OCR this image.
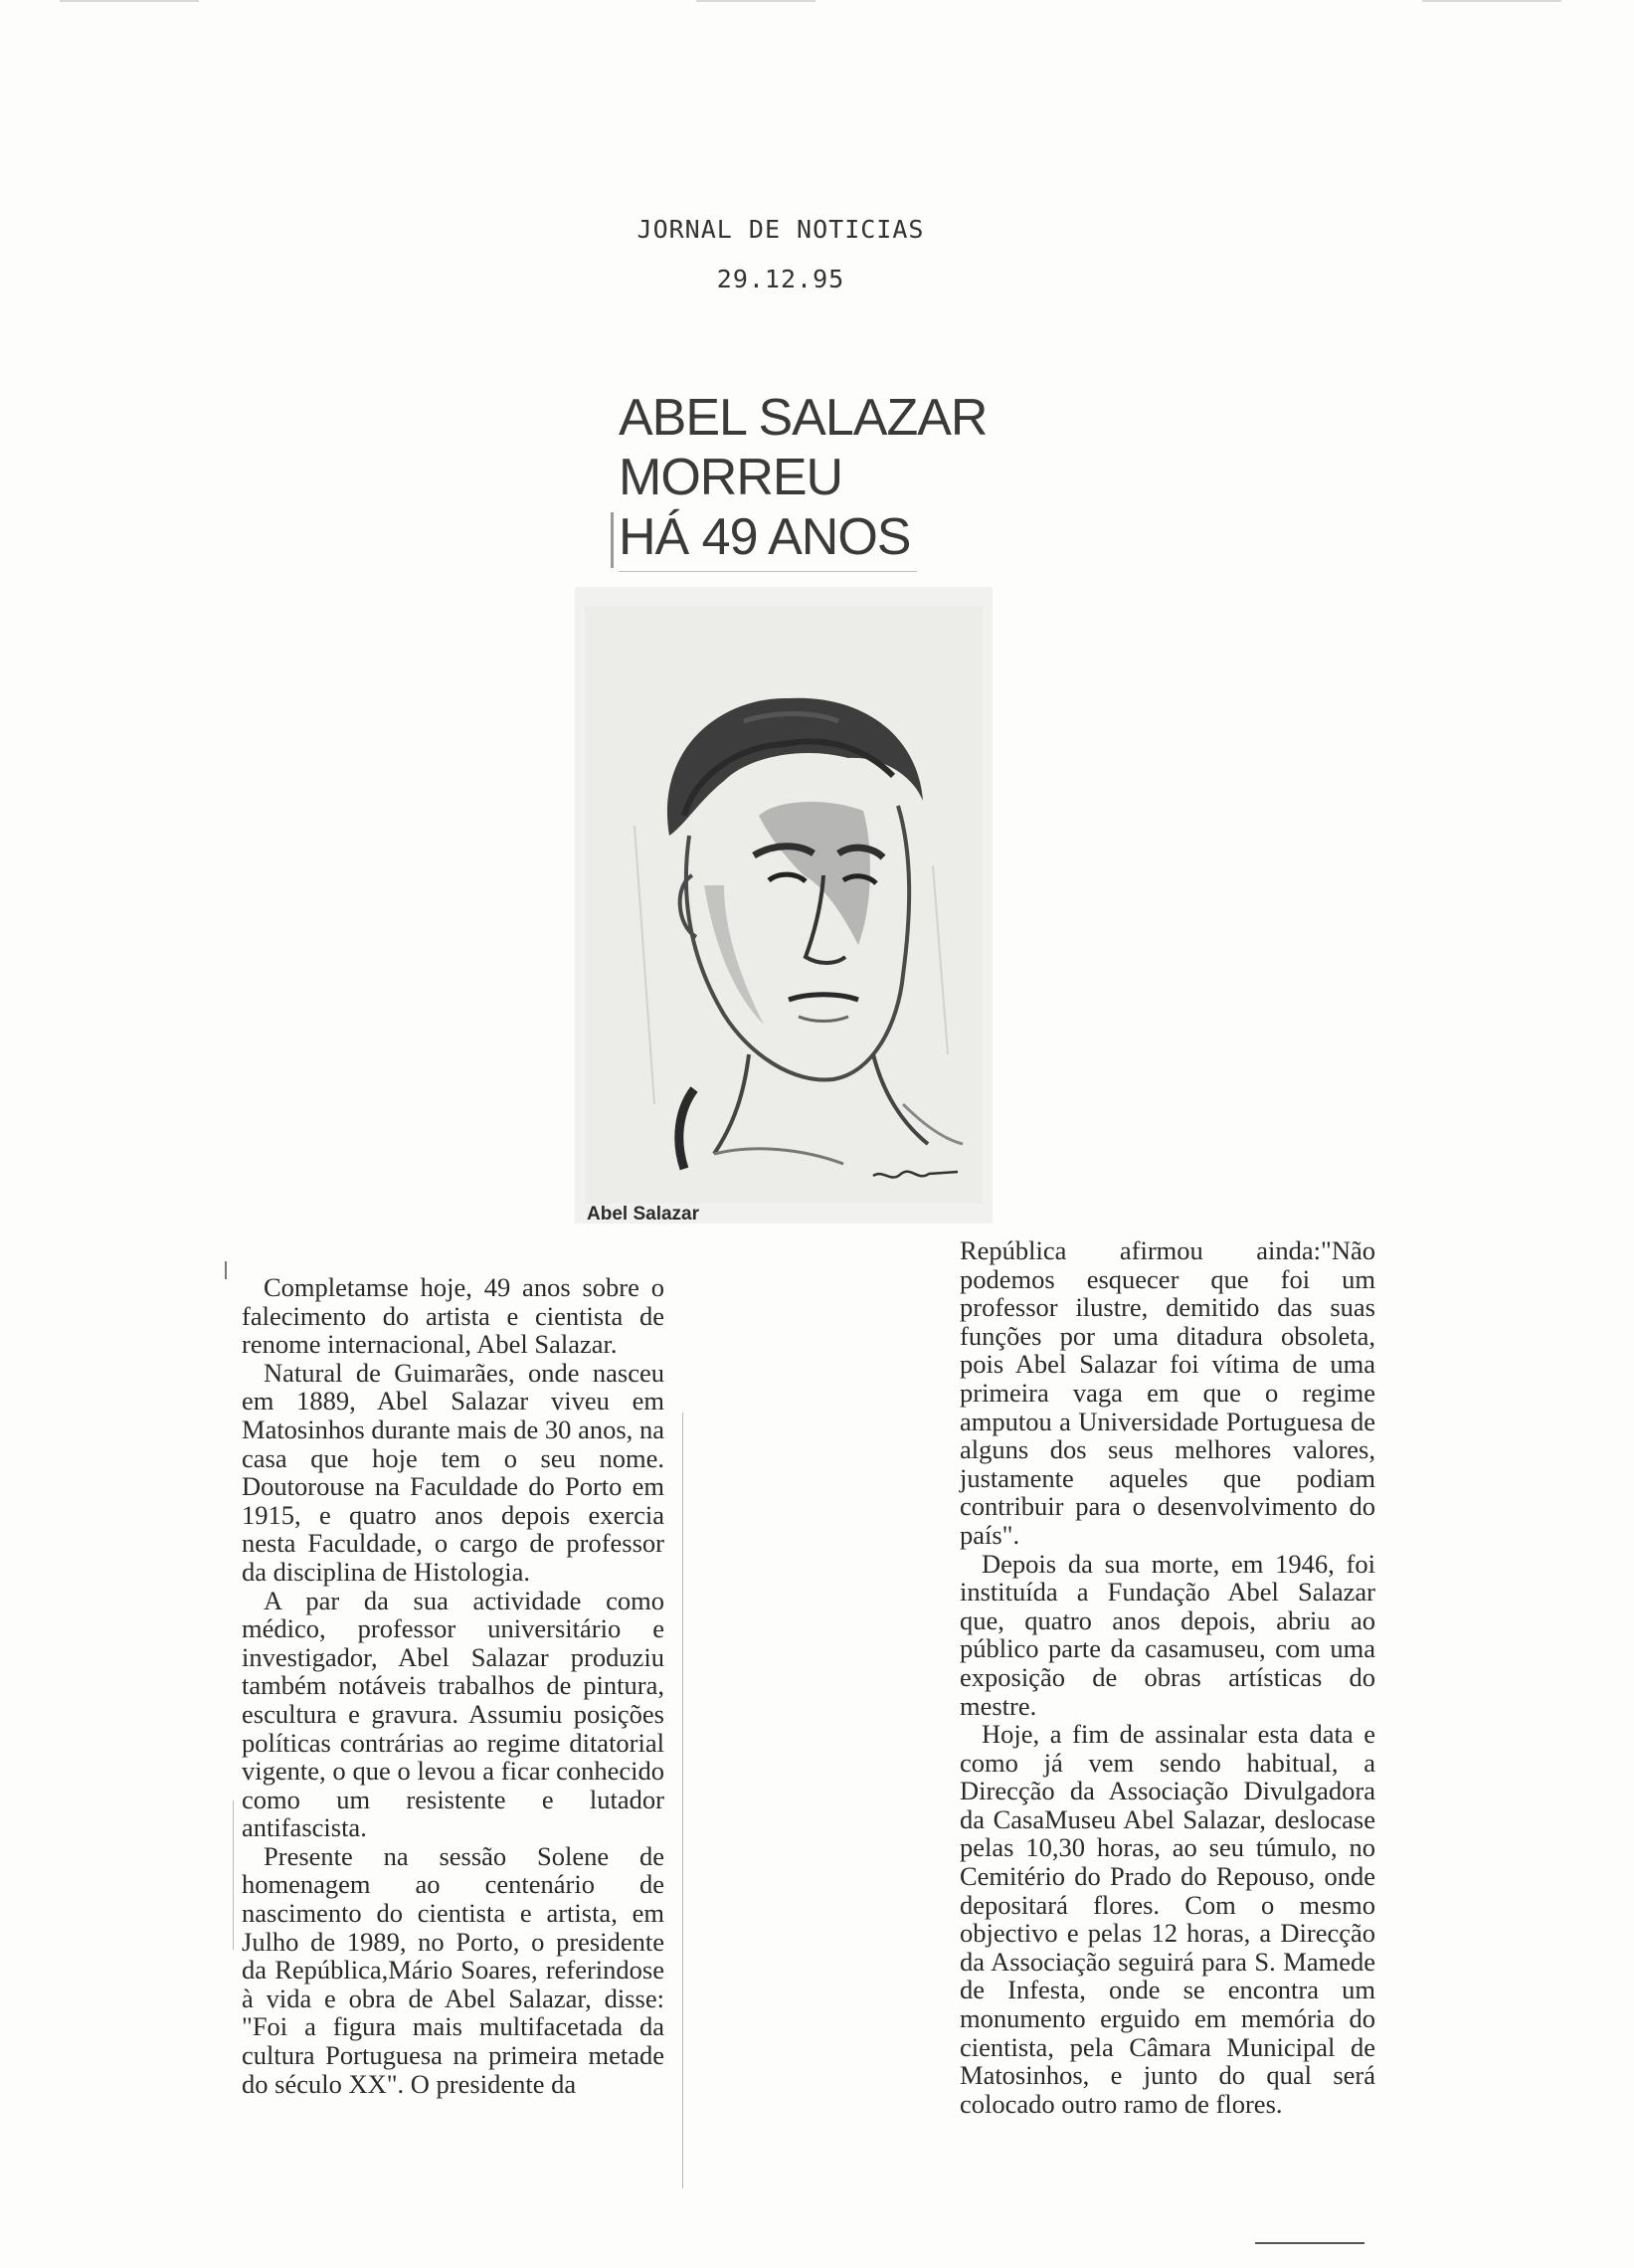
JORNAL DE NOTICIAS
29.12.95
ABEL SALAZAR
MORREU
HÁ 49 ANOS
Abel Salazar

Completamse hoje, 49 anos sobre o falecimento do artista e cientista de renome internacional, Abel Salazar.

Natural de Guimarães, onde nasceu em 1889, Abel Salazar viveu em Matosinhos durante mais de 30 anos, na casa que hoje tem o seu nome. Doutorouse na Faculdade do Porto em 1915, e quatro anos depois exercia nesta Faculdade, o cargo de professor da disciplina de Histologia.

A par da sua actividade como médico, professor universitário e investigador, Abel Salazar produziu também notáveis trabalhos de pintura, escultura e gravura. Assumiu posições políticas contrárias ao regime ditatorial vigente, o que o levou a ficar conhecido como um resistente e lutador antifascista.

Presente na sessão Solene de homenagem ao centenário de nascimento do cientista e artista, em Julho de 1989, no Porto, o presidente da República,Mário Soares, referindose à vida e obra de Abel Salazar, disse: "Foi a figura mais multifacetada da cultura Portuguesa na primeira metade do século XX". O presidente da

República afirmou ainda:"Não podemos esquecer que foi um professor ilustre, demitido das suas funções por uma ditadura obsoleta, pois Abel Salazar foi vítima de uma primeira vaga em que o regime amputou a Universidade Portuguesa de alguns dos seus melhores valores, justamente aqueles que podiam contribuir para o desenvolvimento do país".

Depois da sua morte, em 1946, foi instituída a Fundação Abel Salazar que, quatro anos depois, abriu ao público parte da casamuseu, com uma exposição de obras artísticas do mestre.

Hoje, a fim de assinalar esta data e como já vem sendo habitual, a Direcção da Associação Divulgadora da CasaMuseu Abel Salazar, deslocase pelas 10,30 horas, ao seu túmulo, no Cemitério do Prado do Repouso, onde depositará flores. Com o mesmo objectivo e pelas 12 horas, a Direcção da Associação seguirá para S. Mamede de Infesta, onde se encontra um monumento erguido em memória do cientista, pela Câmara Municipal de Matosinhos, e junto do qual será colocado outro ramo de flores.
